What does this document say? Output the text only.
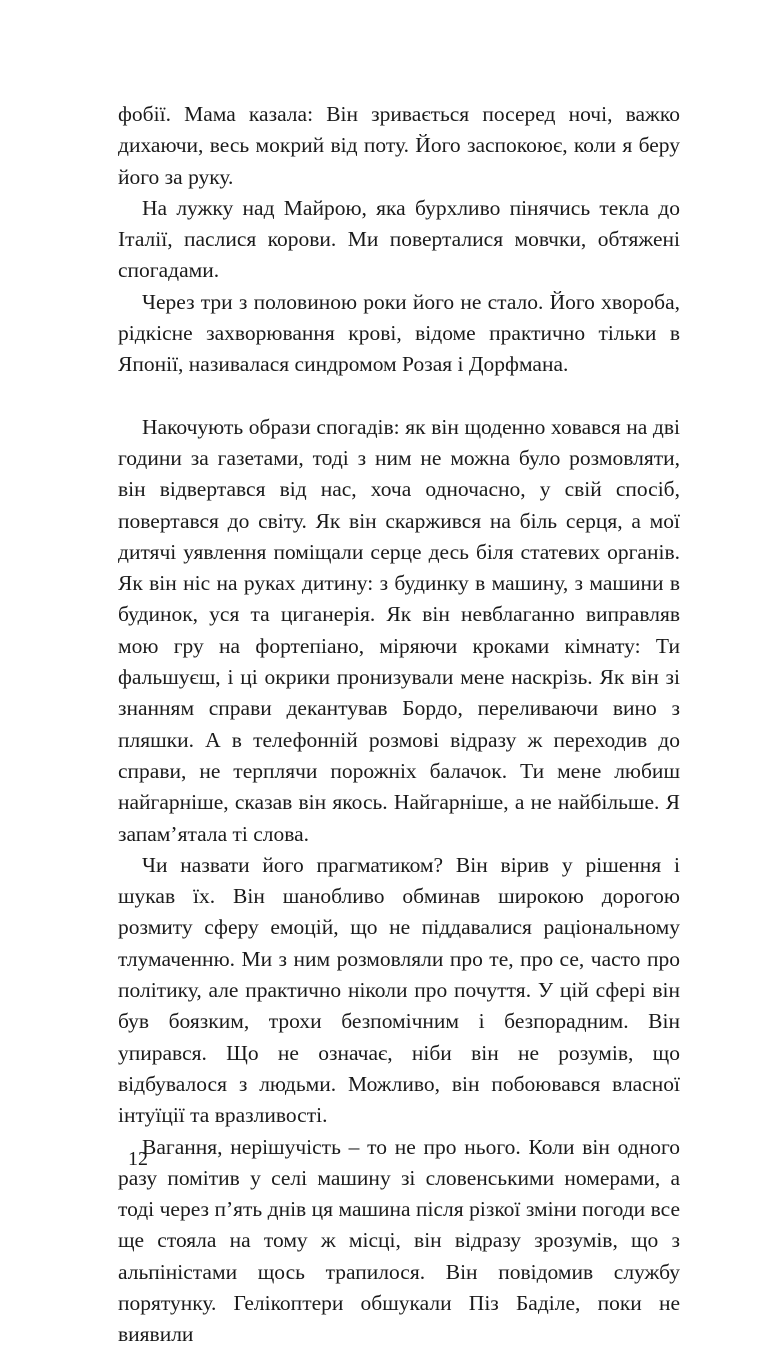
фобії. Мама казала: Він зривається посеред ночі, важко дихаючи, весь мокрий від поту. Його заспокоює, коли я беру його за руку.

На лужку над Майрою, яка бурхливо пінячись текла до Італії, паслися корови. Ми поверталися мовчки, обтяжені спогадами.

Через три з половиною роки його не стало. Його хвороба, рідкісне захворювання крові, відоме практично тільки в Японії, називалася синдромом Розая і Дорфмана.

Накочують образи спогадів: як він щоденно ховався на дві години за газетами, тоді з ним не можна було розмовляти, він відвертався від нас, хоча одночасно, у свій спосіб, повертався до світу. Як він скаржився на біль серця, а мої дитячі уявлення поміщали серце десь біля статевих органів. Як він ніс на руках дитину: з будинку в машину, з машини в будинок, уся та циганерія. Як він невблаганно виправляв мою гру на фортепіано, міряючи кроками кімнату: Ти фальшуєш, і ці окрики пронизували мене наскрізь. Як він зі знанням справи декантував Бордо, переливаючи вино з пляшки. А в телефонній розмові відразу ж переходив до справи, не терплячи порожніх балачок. Ти мене любиш найгарніше, сказав він якось. Найгарніше, а не найбільше. Я запам’ятала ті слова.

Чи назвати його прагматиком? Він вірив у рішення і шукав їх. Він шанобливо обминав широкою дорогою розмиту сферу емоцій, що не піддавалися раціональному тлумаченню. Ми з ним розмовляли про те, про се, часто про політику, але практично ніколи про почуття. У цій сфері він був боязким, трохи безпомічним і безпорадним. Він упирався. Що не означає, ніби він не розумів, що відбувалося з людьми. Можливо, він побоювався власної інтуїції та вразливості.

Вагання, нерішучість – то не про нього. Коли він одного разу помітив у селі машину зі словенськими номерами, а тоді через п’ять днів ця машина після різкої зміни погоди все ще стояла на тому ж місці, він відразу зрозумів, що з альпіністами щось трапилося. Він повідомив службу порятунку. Гелікоптери обшукали Піз Баділе, поки не виявили

12
